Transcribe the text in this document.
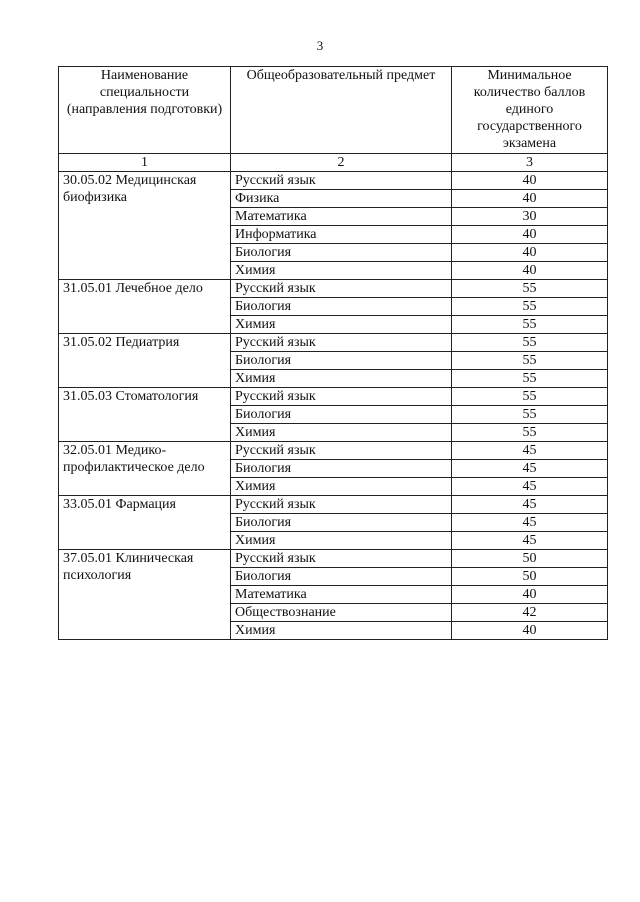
3
Наименование специальности (направления подготовки)	Общеобразовательный предмет	Минимальное количество баллов единого государственного экзамена
1	2	3
30.05.02 Медицинская биофизика	Русский язык	40
	Физика	40
	Математика	30
	Информатика	40
	Биология	40
	Химия	40
31.05.01 Лечебное дело	Русский язык	55
	Биология	55
	Химия	55
31.05.02 Педиатрия	Русский язык	55
	Биология	55
	Химия	55
31.05.03 Стоматология	Русский язык	55
	Биология	55
	Химия	55
32.05.01 Медико-профилактическое дело	Русский язык	45
	Биология	45
	Химия	45
33.05.01 Фармация	Русский язык	45
	Биология	45
	Химия	45
37.05.01 Клиническая психология	Русский язык	50
	Биология	50
	Математика	40
	Обществознание	42
	Химия	40
